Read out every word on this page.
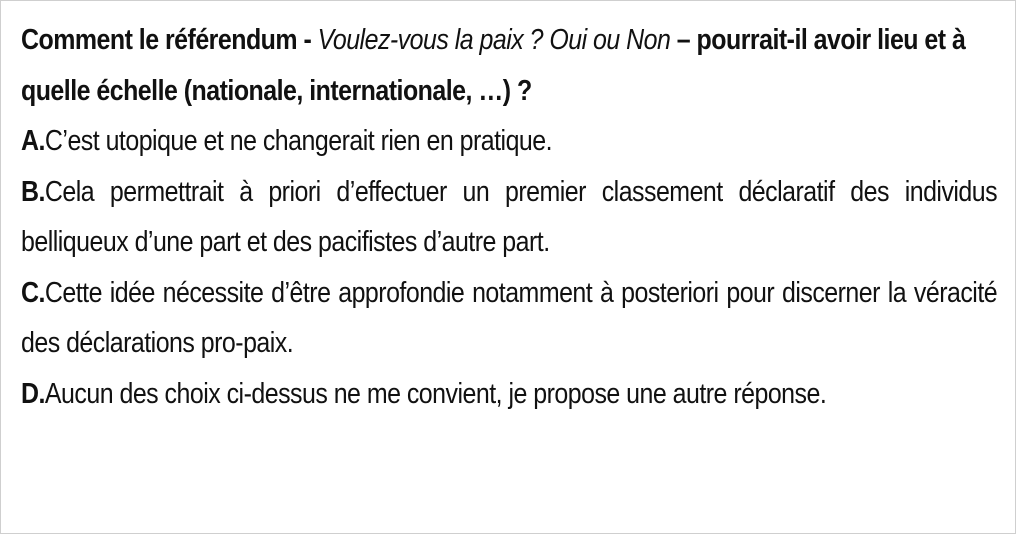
Comment le référendum - Voulez-vous la paix ? Oui ou Non – pourrait-il avoir lieu et à quelle échelle (nationale, internationale, …) ?
A.C’est utopique et ne changerait rien en pratique.
B.Cela permettrait à priori d’effectuer un premier classement déclaratif des individus belliqueux d’une part et des pacifistes d’autre part.
C.Cette idée nécessite d’être approfondie notamment à posteriori pour discerner la véracité des déclarations pro-paix.
D.Aucun des choix ci-dessus ne me convient, je propose une autre réponse.
